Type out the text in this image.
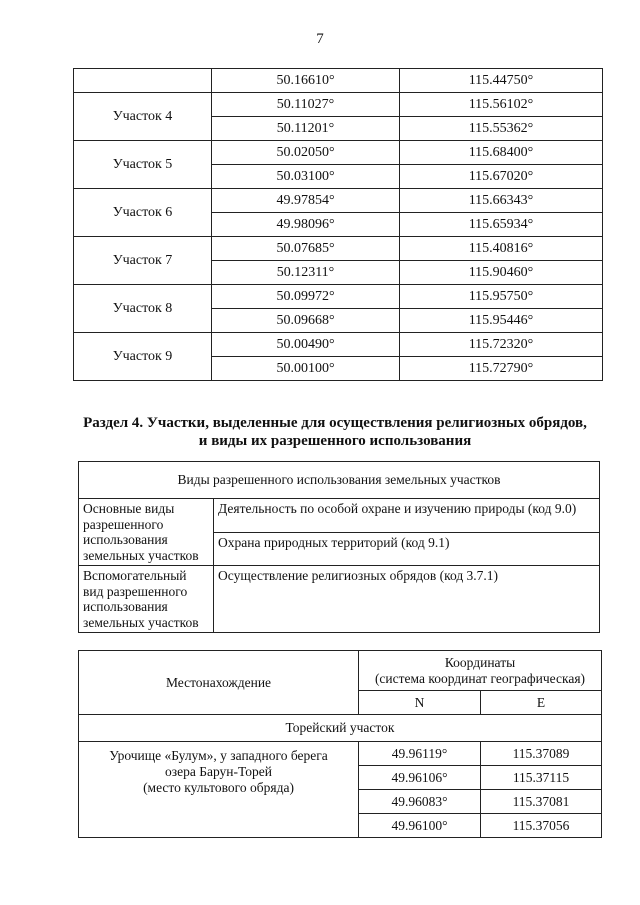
7
	50.16610°	115.44750°
Участок 4	50.11027°	115.56102°
	50.11201°	115.55362°
Участок 5	50.02050°	115.68400°
	50.03100°	115.67020°
Участок 6	49.97854°	115.66343°
	49.98096°	115.65934°
Участок 7	50.07685°	115.40816°
	50.12311°	115.90460°
Участок 8	50.09972°	115.95750°
	50.09668°	115.95446°
Участок 9	50.00490°	115.72320°
	50.00100°	115.72790°
Раздел 4. Участки, выделенные для осуществления религиозных обрядов,
и виды их разрешенного использования
Виды разрешенного использования земельных участков	
Основные виды разрешенного использования земельных участков	Деятельность по особой охране и изучению природы (код 9.0)
	Охрана природных территорий (код 9.1)
Вспомогательный вид разрешенного использования земельных участков	Осуществление религиозных обрядов (код 3.7.1)
Местонахождение	Координаты
(система координат географическая)	

	N	E
Торейский участок		

Урочище «Булум», у западного берега
озера Барун-Торей
(место культового обряда)	49.96119°	115.37089
	49.96106°	115.37115
	49.96083°	115.37081
	49.96100°	115.37056
